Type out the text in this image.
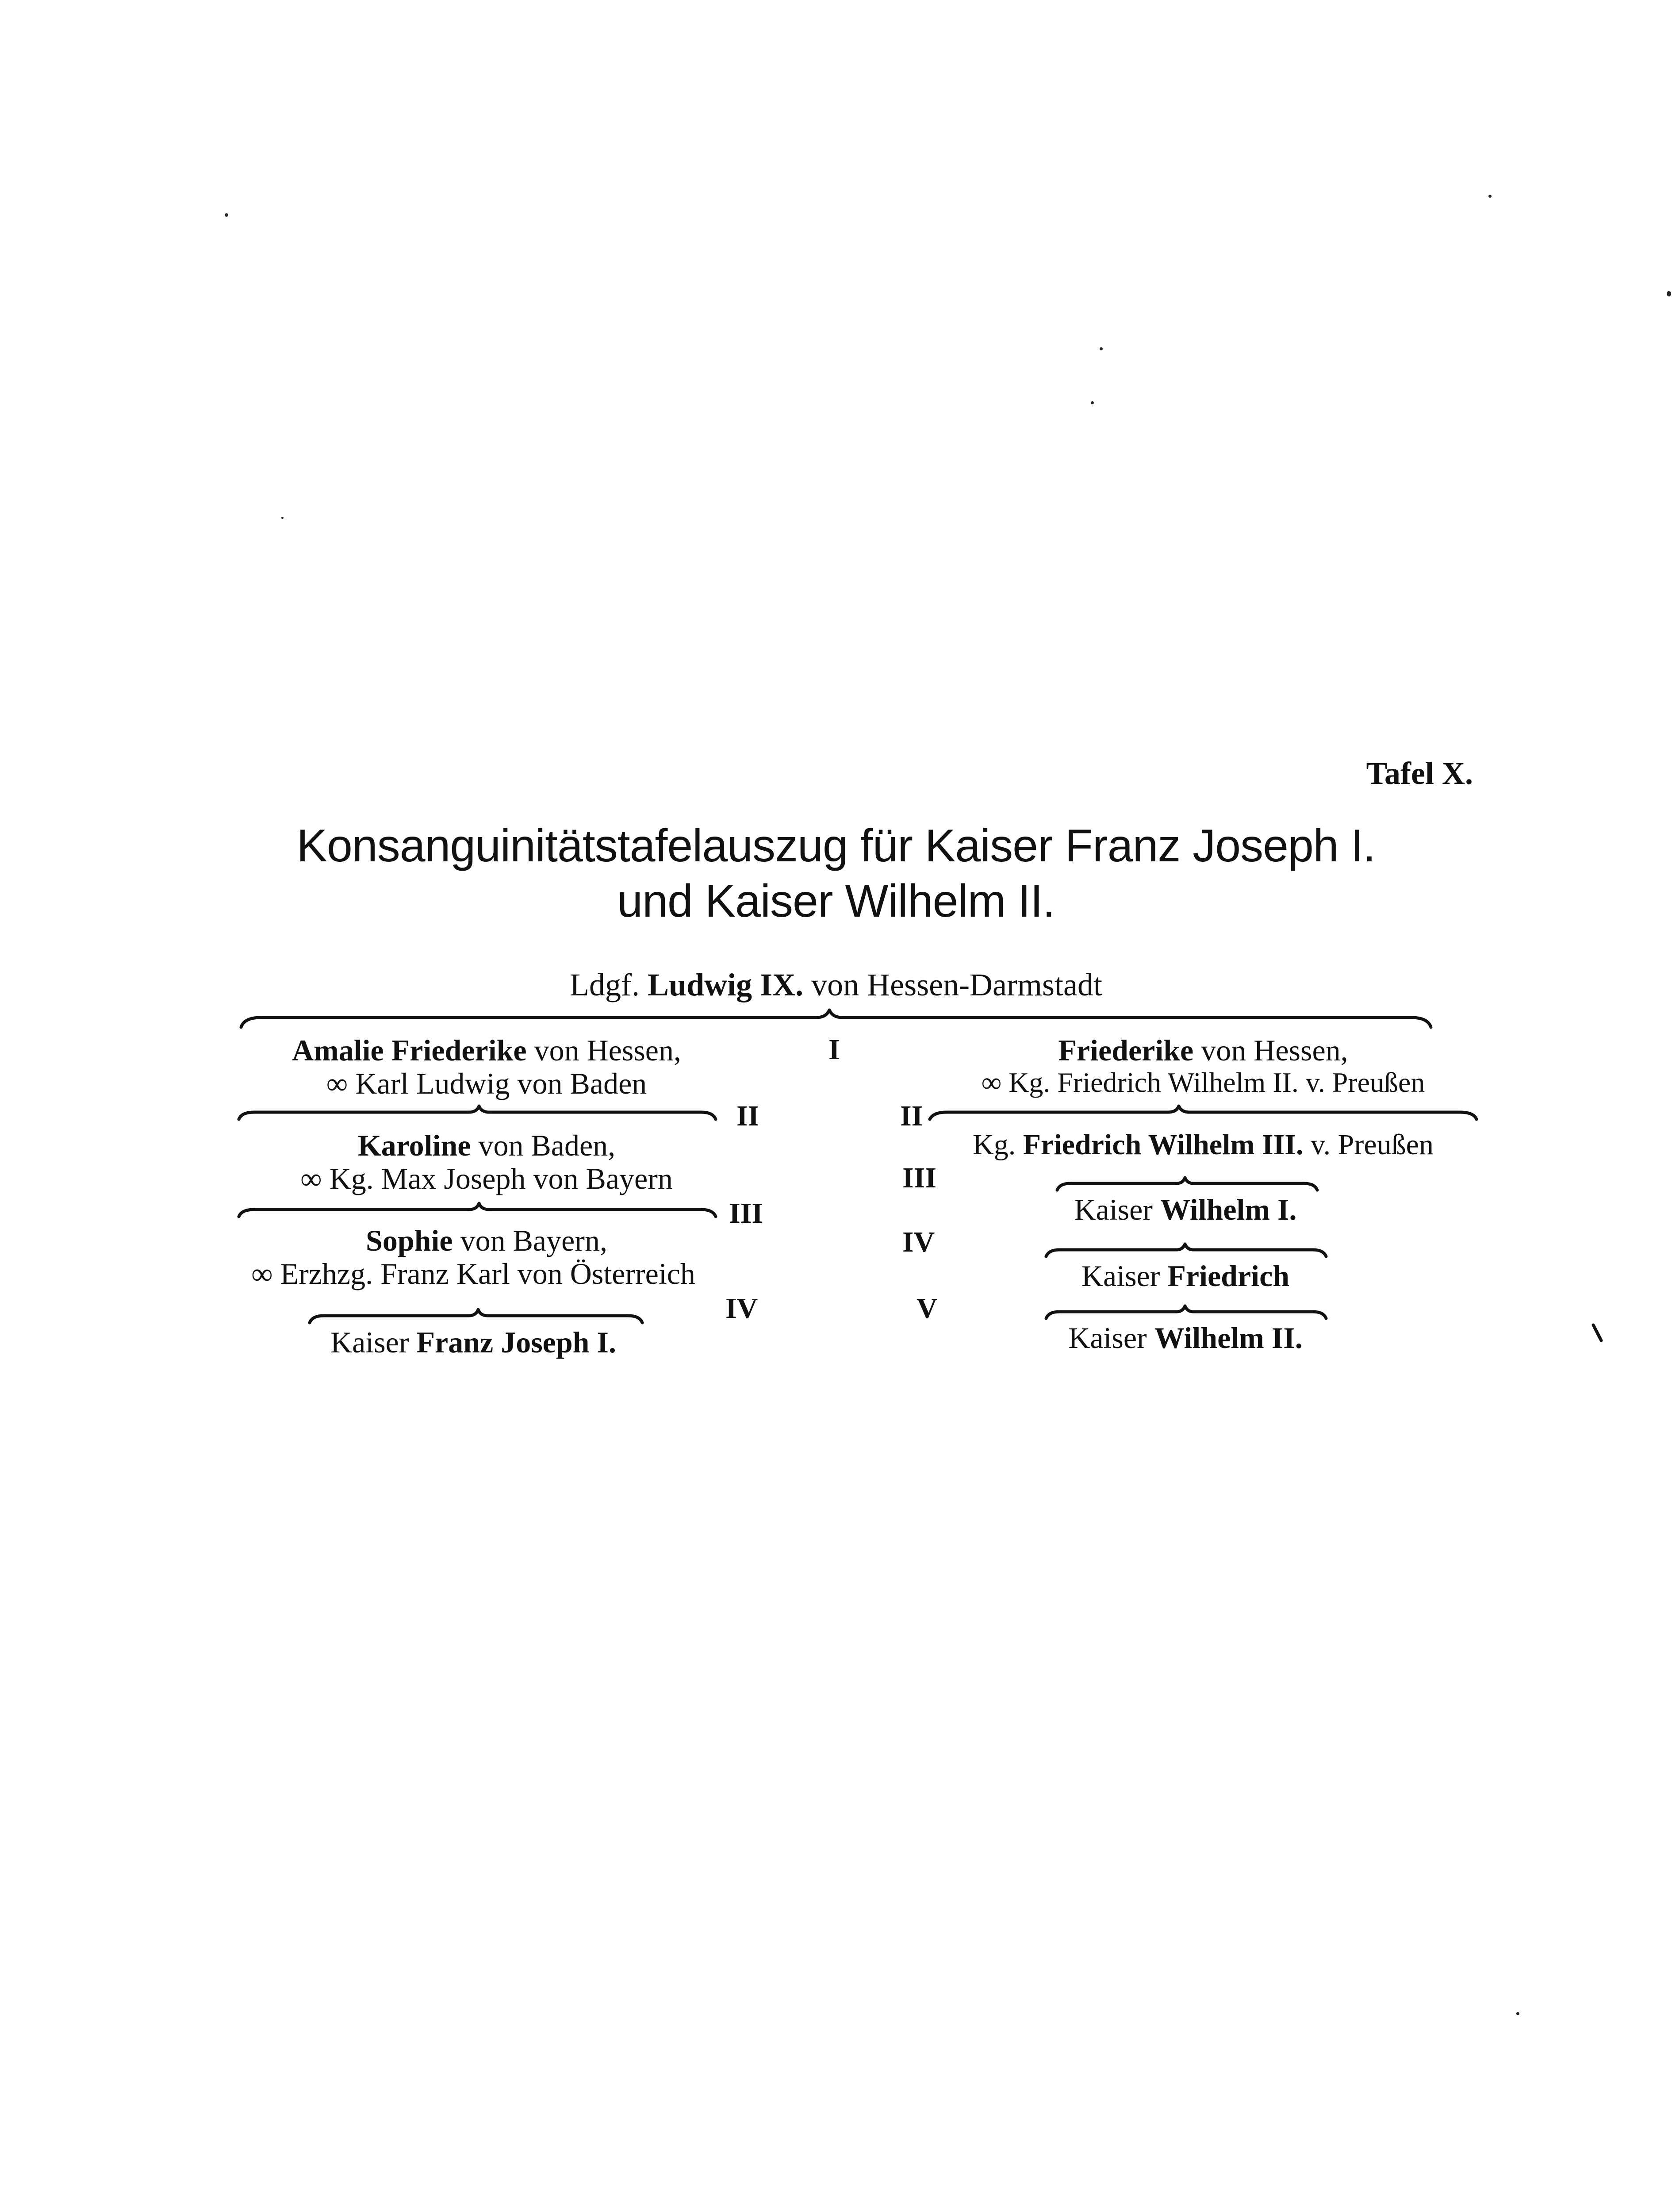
Tafel X.
Konsanguinitätstafelauszug für Kaiser Franz Joseph I.
und Kaiser Wilhelm II.
Ldgf. Ludwig IX. von Hessen-Darmstadt
Amalie Friederike von Hessen,
∞ Karl Ludwig von Baden
Karoline von Baden,
∞ Kg. Max Joseph von Bayern
Sophie von Bayern,
∞ Erzhzg. Franz Karl von Österreich
Kaiser Franz Joseph I.
Friederike von Hessen,
∞ Kg. Friedrich Wilhelm II. v. Preußen
Kg. Friedrich Wilhelm III. v. Preußen
Kaiser Wilhelm I.
Kaiser Friedrich
Kaiser Wilhelm II.
I
II
III
IV
II
III
IV
V
